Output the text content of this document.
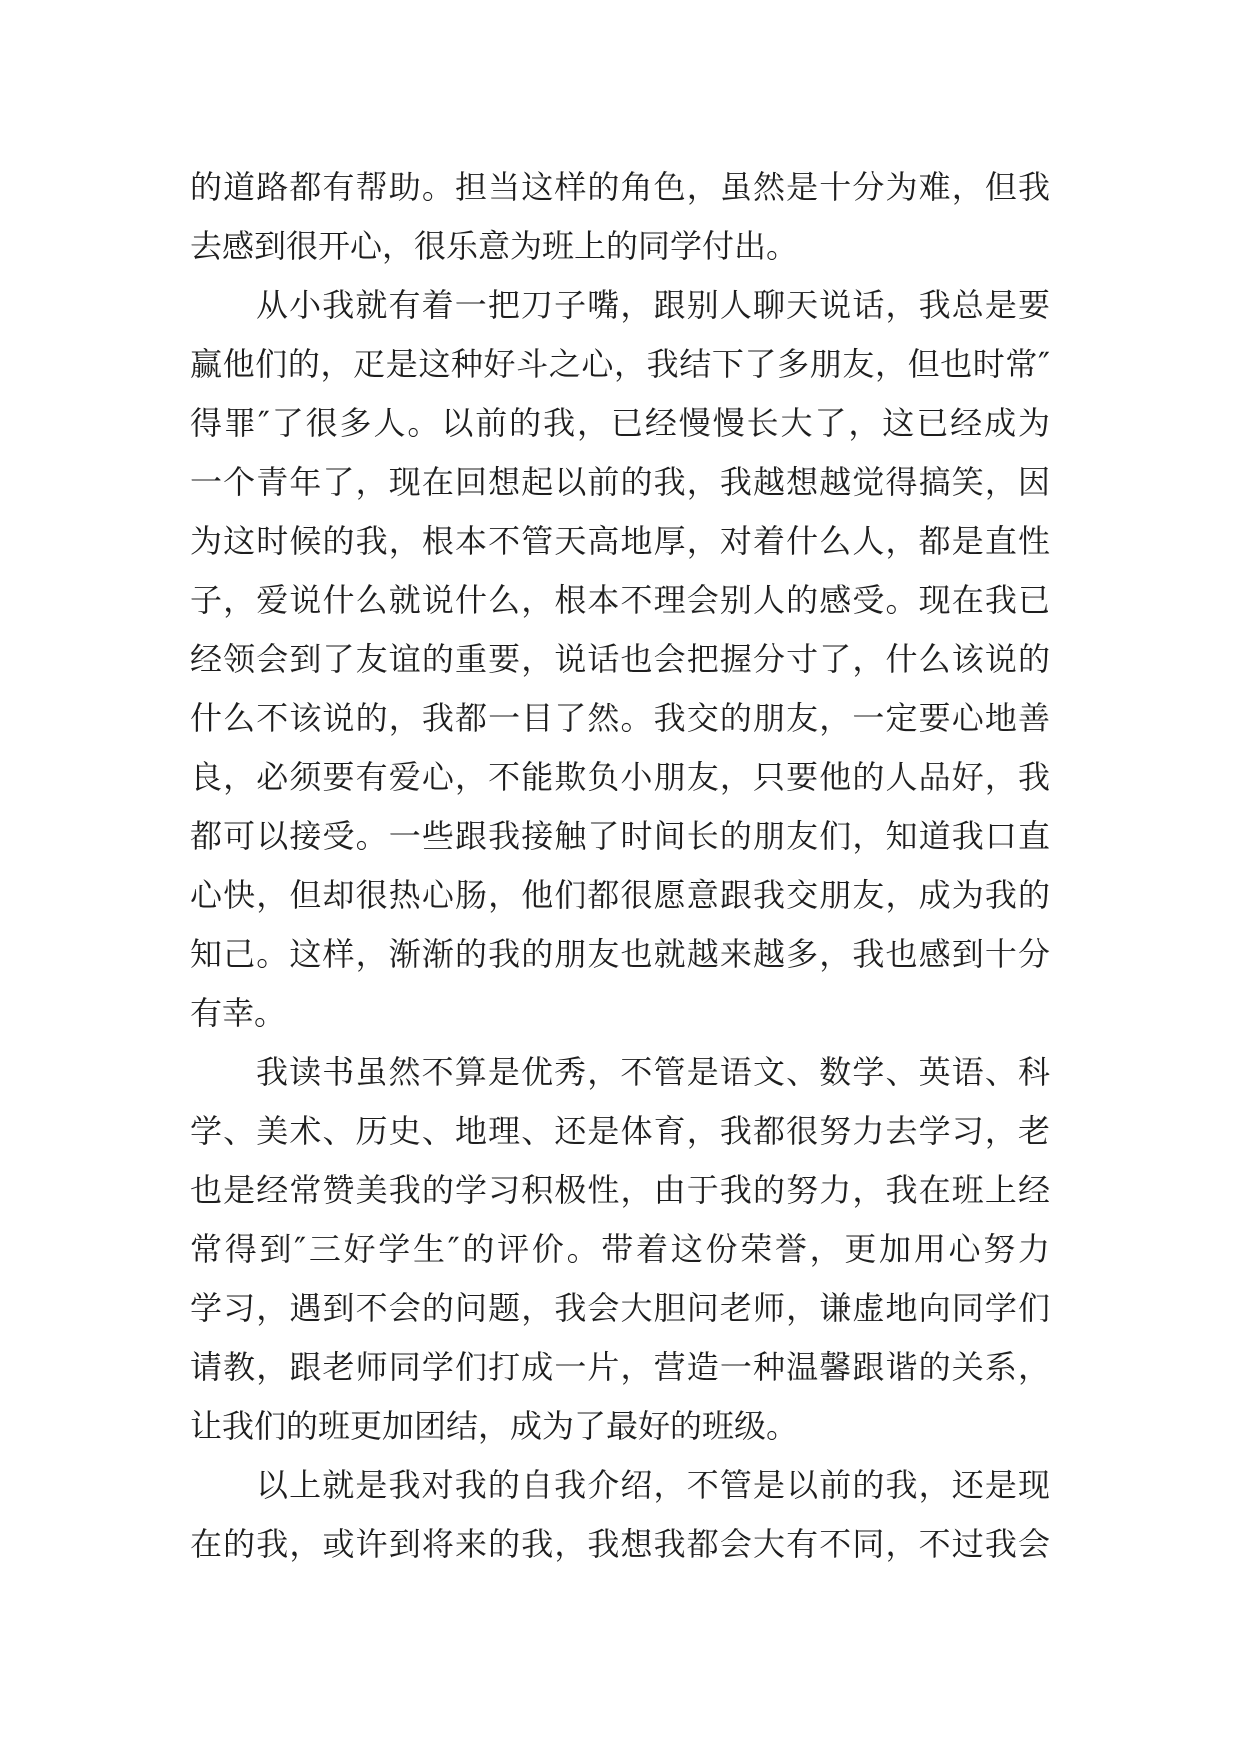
的道路都有帮助。担当这样的角色，虽然是十分为难，但我
去感到很开心，很乐意为班上的同学付出。
从小我就有着一把刀子嘴，跟别人聊天说话，我总是要
赢他们的，疋是这种好斗之心，我结下了多朋友，但也时常″
得罪″了很多人。以前的我，已经慢慢长大了，这已经成为
一个青年了，现在回想起以前的我，我越想越觉得搞笑，因
为这时候的我，根本不管天高地厚，对着什么人，都是直性
子，爱说什么就说什么，根本不理会别人的感受。现在我已
经领会到了友谊的重要，说话也会把握分寸了，什么该说的
什么不该说的，我都一目了然。我交的朋友，一定要心地善
良，必须要有爱心，不能欺负小朋友，只要他的人品好，我
都可以接受。一些跟我接触了时间长的朋友们，知道我口直
心快，但却很热心肠，他们都很愿意跟我交朋友，成为我的
知己。这样，渐渐的我的朋友也就越来越多，我也感到十分
有幸。
我读书虽然不算是优秀，不管是语文、数学、英语、科
学、美术、历史、地理、还是体育，我都很努力去学习，老
也是经常赞美我的学习积极性，由于我的努力，我在班上经
常得到″三好学生″的评价。带着这份荣誉，更加用心努力
学习，遇到不会的问题，我会大胆问老师，谦虚地向同学们
请教，跟老师同学们打成一片，营造一种温馨跟谐的关系，
让我们的班更加团结，成为了最好的班级。
以上就是我对我的自我介绍，不管是以前的我，还是现
在的我，或许到将来的我，我想我都会大有不同，不过我会
